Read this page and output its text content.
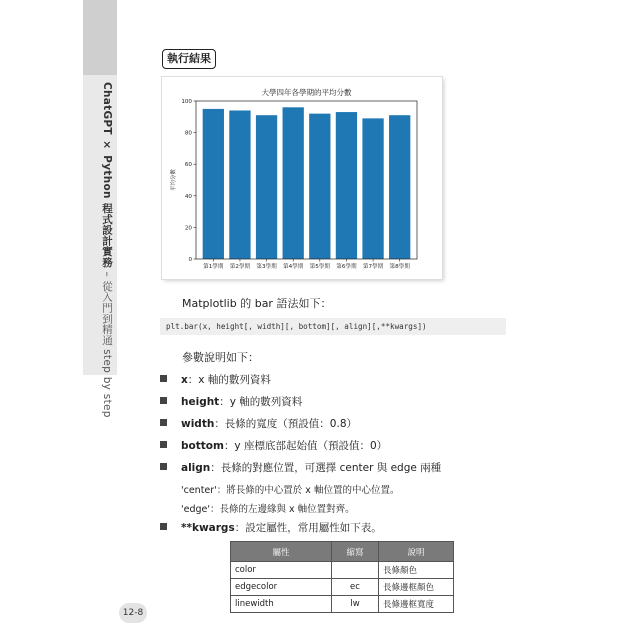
ChatGPT × Python 程式設計實務 – 從入門到精通 step by step
執行結果
大學四年各學期的平均分數
平均分數
第1學期 第2學期 第3學期 第4學期 第5學期 第6學期 第7學期 第8學期
0
20
40
60
80
100
Matplotlib 的 bar 語法如下：
plt.bar(x, height[, width][, bottom][, align][,**kwargs])
參數說明如下：
x：x 軸的數列資料
height：y 軸的數列資料
width：長條的寬度（預設值：0.8）
bottom：y 座標底部起始值（預設值：0）
align：長條的對應位置，可選擇 center 與 edge 兩種
'center'：將長條的中心置於 x 軸位置的中心位置。
'edge'：長條的左邊緣與 x 軸位置對齊。
**kwargs：設定屬性，常用屬性如下表。
屬性	縮寫	說明
color		長條顏色
edgecolor	ec	長條邊框顏色
linewidth	lw	長條邊框寬度
12-8
